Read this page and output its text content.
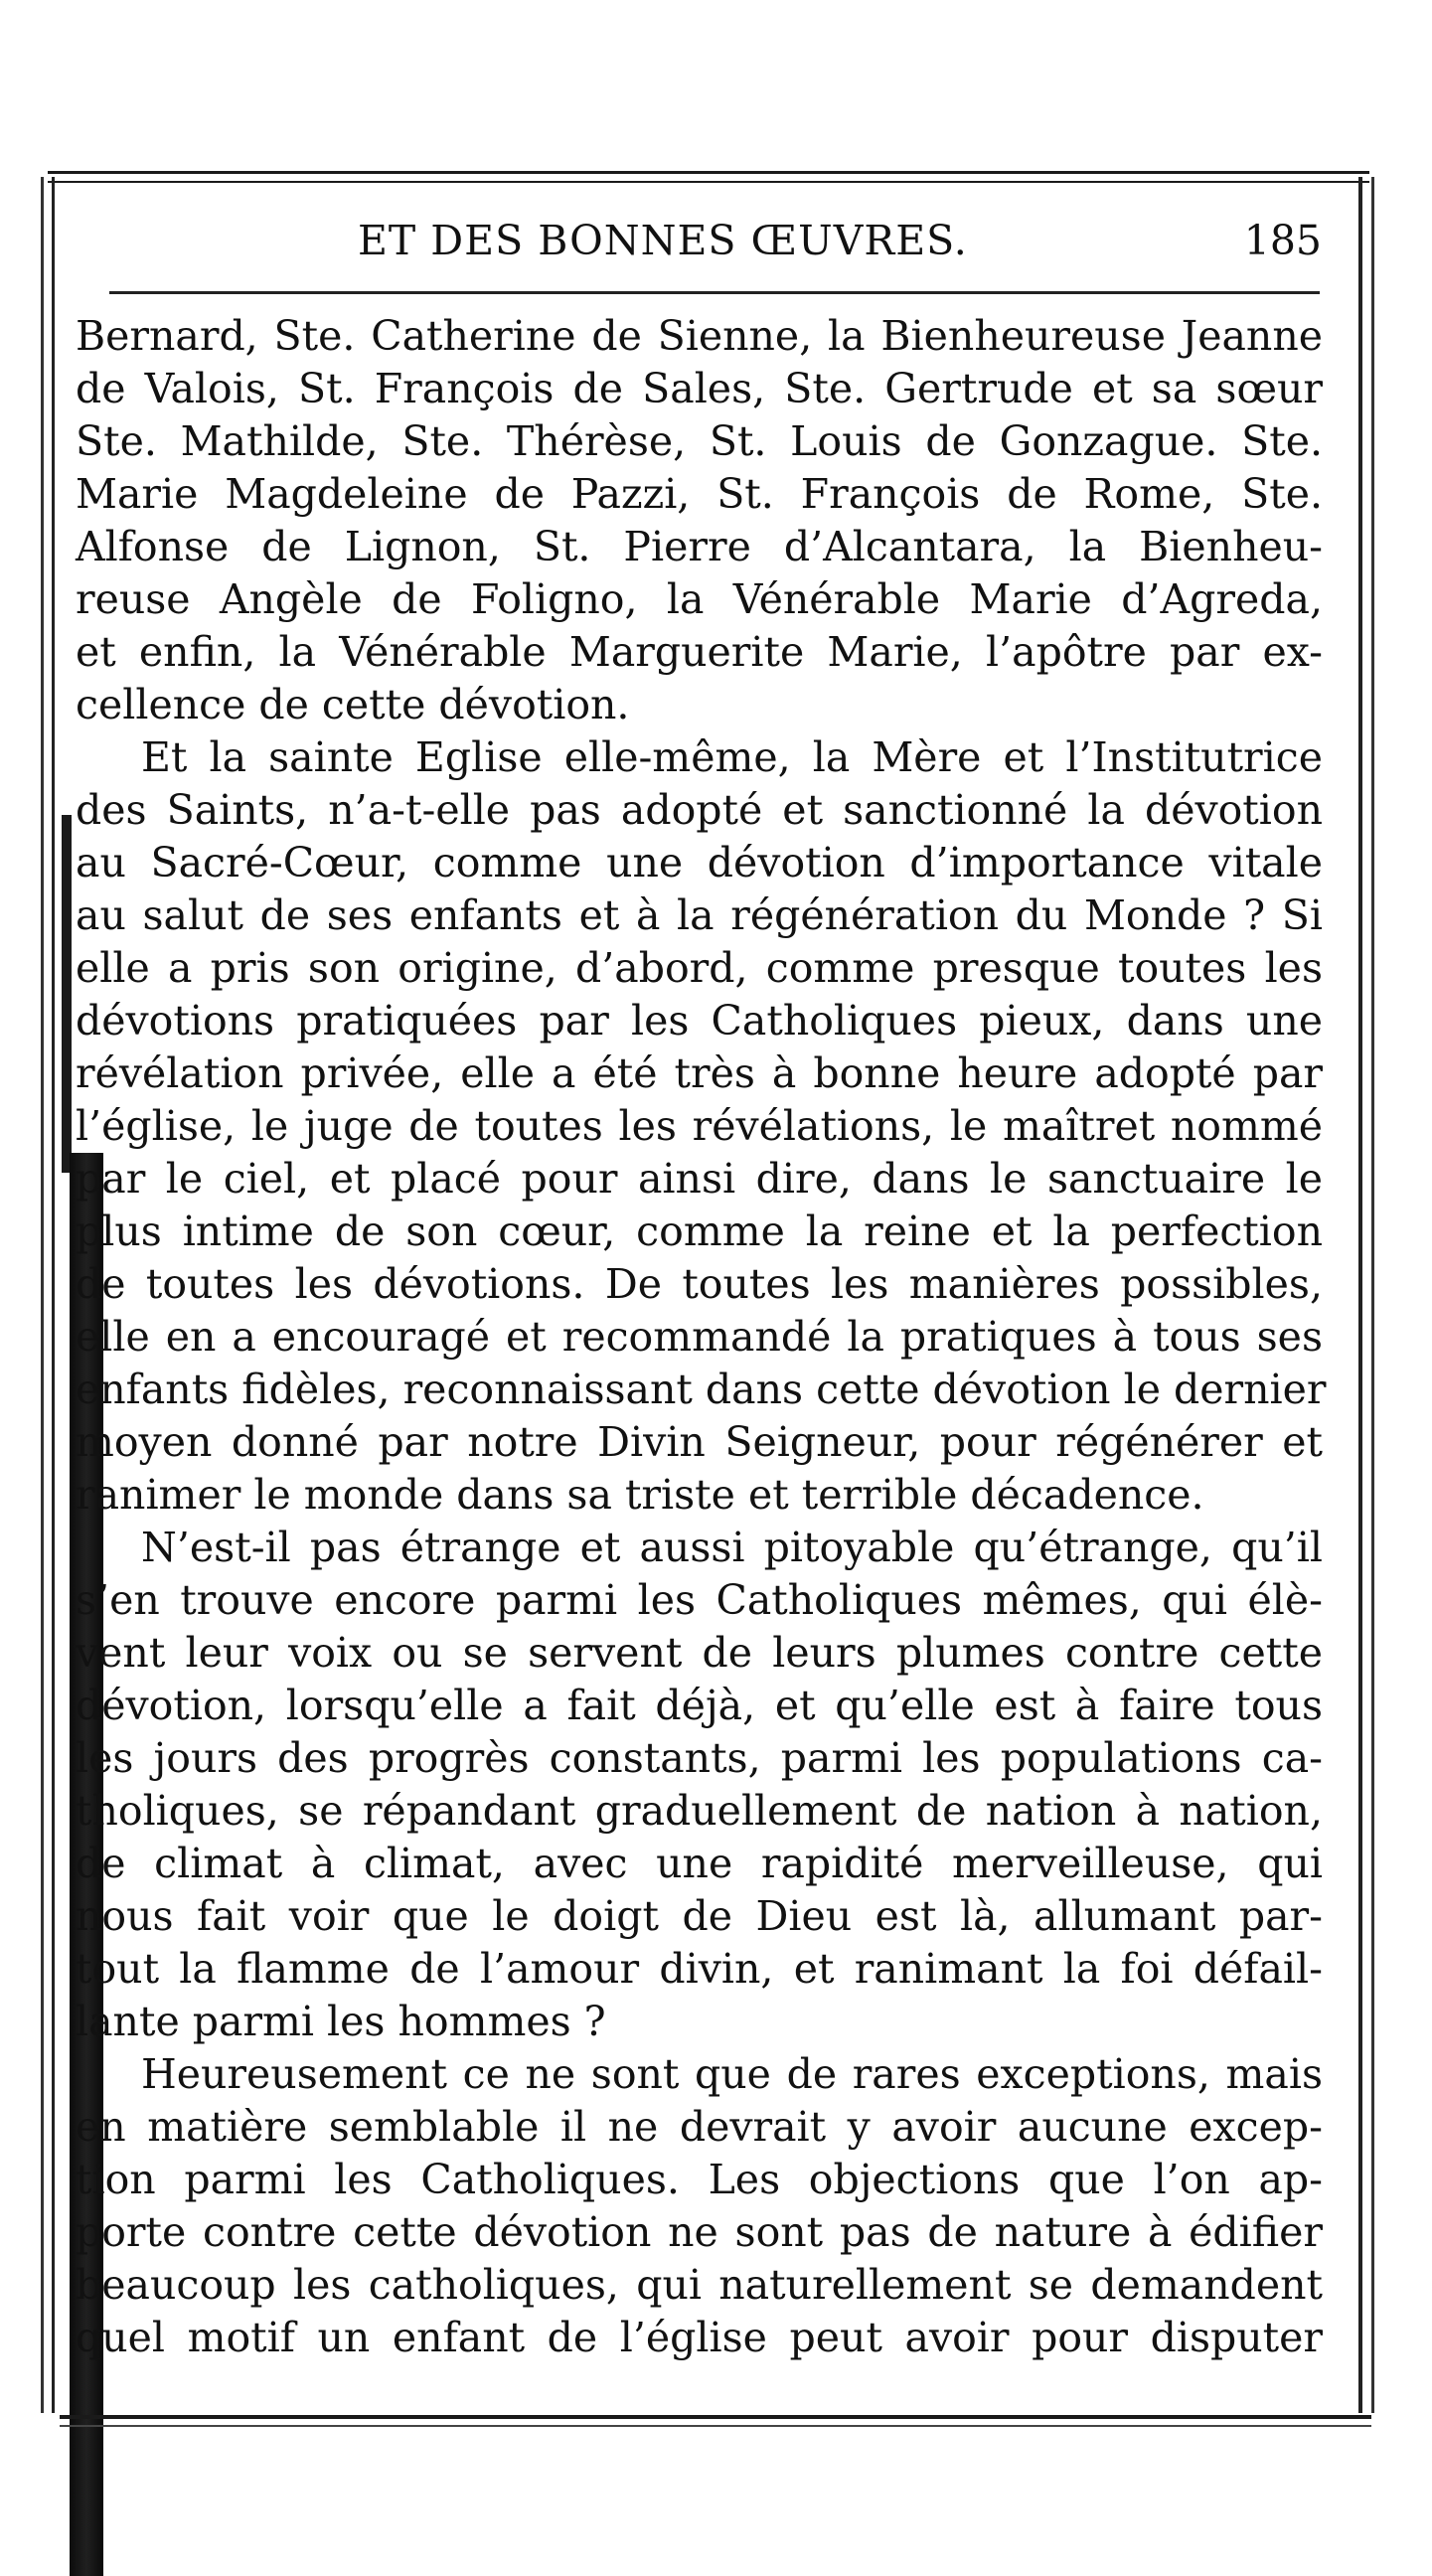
ET DES BONNES ŒUVRES.	185
Bernard, Ste. Catherine de Sienne, la Bienheureuse Jeanne
de Valois, St. François de Sales, Ste. Gertrude et sa sœur
Ste. Mathilde, Ste. Thérèse, St. Louis de Gonzague. Ste.
Marie Magdeleine de Pazzi, St. François de Rome, Ste.
Alfonse de Lignon, St. Pierre d’Alcantara, la Bienheu-
reuse Angèle de Foligno, la Vénérable Marie d’Agreda,
et enfin, la Vénérable Marguerite Marie, l’apôtre par ex-
cellence de cette dévotion.
Et la sainte Eglise elle-même, la Mère et l’Institutrice
des Saints, n’a-t-elle pas adopté et sanctionné la dévotion
au Sacré-Cœur, comme une dévotion d’importance vitale
au salut de ses enfants et à la régénération du Monde ? Si
elle a pris son origine, d’abord, comme presque toutes les
dévotions pratiquées par les Catholiques pieux, dans une
révélation privée, elle a été très à bonne heure adopté par
l’église, le juge de toutes les révélations, le maîtret nommé
par le ciel, et placé pour ainsi dire, dans le sanctuaire le
plus intime de son cœur, comme la reine et la perfection
de toutes les dévotions. De toutes les manières possibles,
elle en a encouragé et recommandé la pratiques à tous ses
enfants fidèles, reconnaissant dans cette dévotion le dernier
moyen donné par notre Divin Seigneur, pour régénérer et
ranimer le monde dans sa triste et terrible décadence.
N’est-il pas étrange et aussi pitoyable qu’étrange, qu’il
s’en trouve encore parmi les Catholiques mêmes, qui élè-
vent leur voix ou se servent de leurs plumes contre cette
dévotion, lorsqu’elle a fait déjà, et qu’elle est à faire tous
les jours des progrès constants, parmi les populations ca-
tholiques, se répandant graduellement de nation à nation,
de climat à climat, avec une rapidité merveilleuse, qui
nous fait voir que le doigt de Dieu est là, allumant par-
tout la flamme de l’amour divin, et ranimant la foi défail-
lante parmi les hommes ?
Heureusement ce ne sont que de rares exceptions, mais
en matière semblable il ne devrait y avoir aucune exceр-
tion parmi les Catholiques. Les objections que l’on ap-
porte contre cette dévotion ne sont pas de nature à édifier
beaucoup les catholiques, qui naturellement se demandent
quel motif un enfant de l’église peut avoir pour disputer
